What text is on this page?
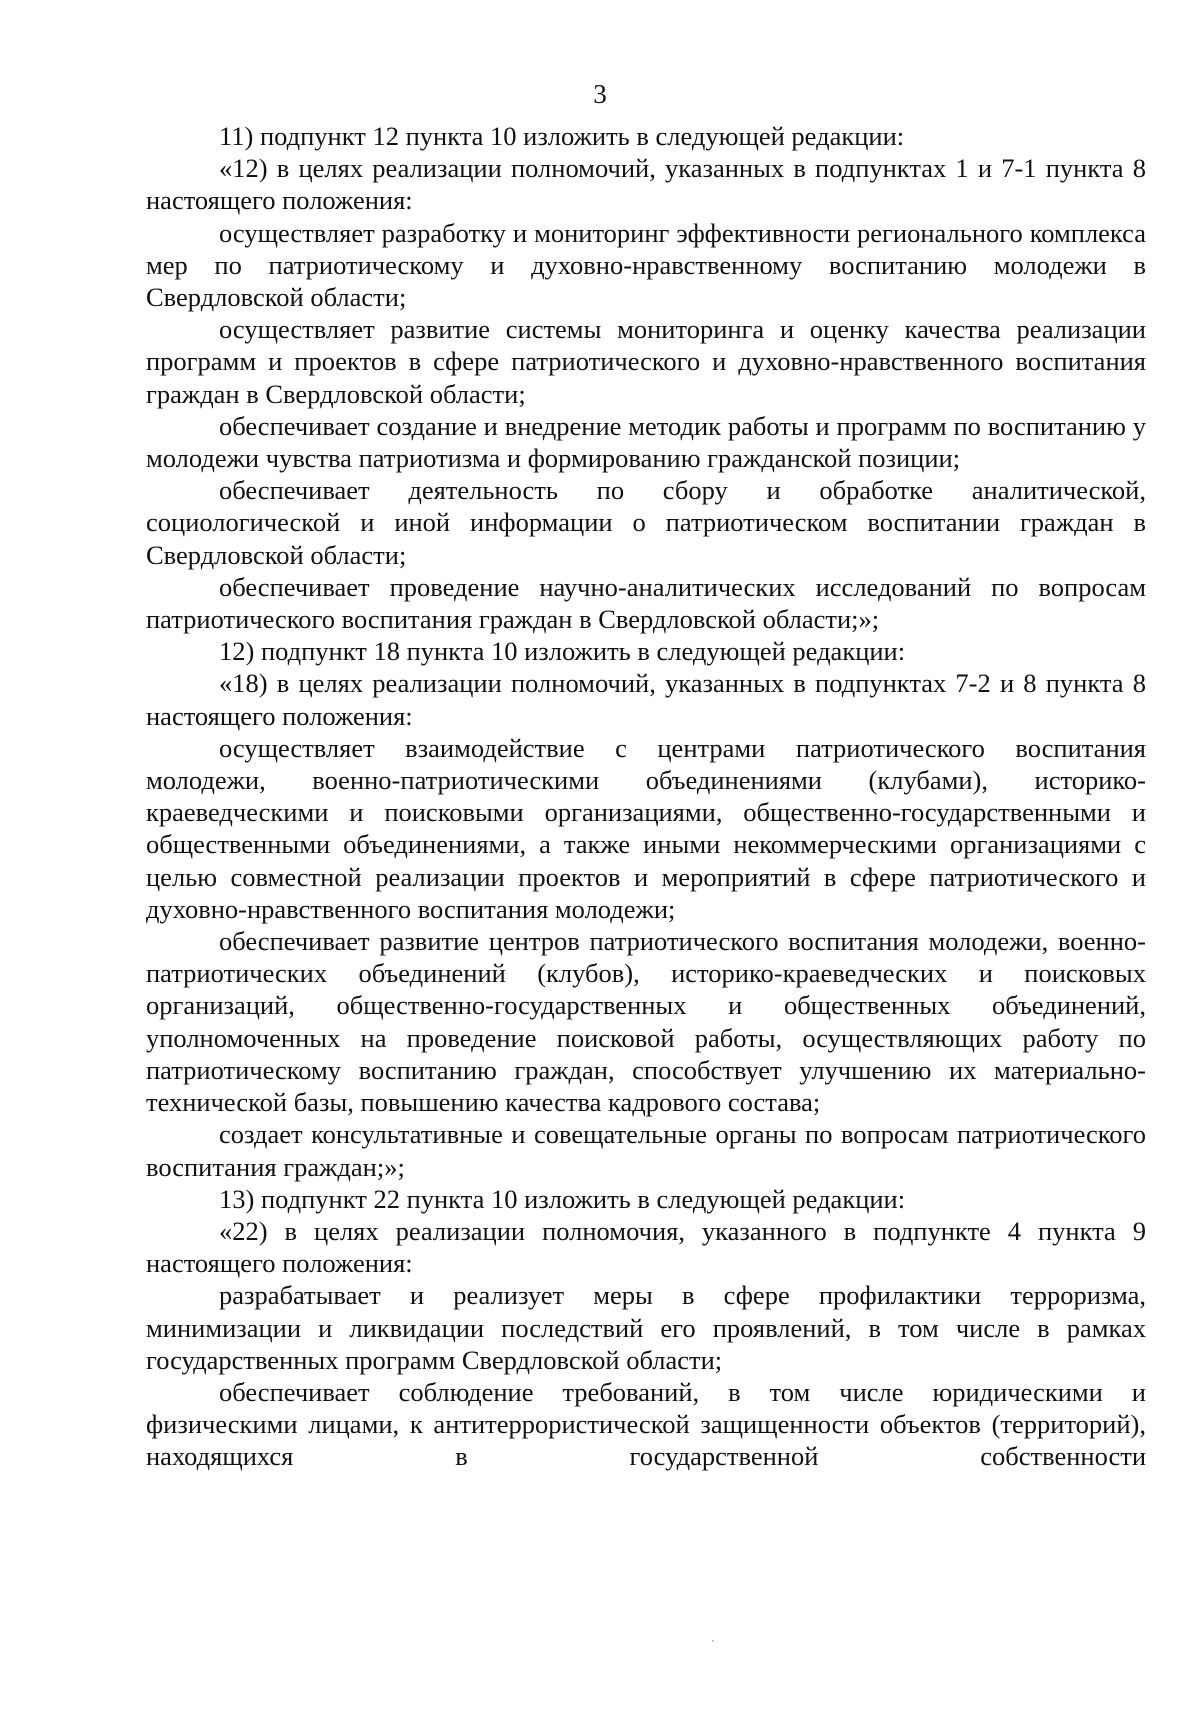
3

11) подпункт 12 пункта 10 изложить в следующей редакции:

«12) в целях реализации полномочий, указанных в подпунктах 1 и 7-1 пункта 8 настоящего положения:

осуществляет разработку и мониторинг эффективности регионального комплекса мер по патриотическому и духовно-нравственному воспитанию молодежи в Свердловской области;

осуществляет развитие системы мониторинга и оценку качества реализации программ и проектов в сфере патриотического и духовно-нравственного воспитания граждан в Свердловской области;

обеспечивает создание и внедрение методик работы и программ по воспитанию у молодежи чувства патриотизма и формированию гражданской позиции;

обеспечивает деятельность по сбору и обработке аналитической, социологической и иной информации о патриотическом воспитании граждан в Свердловской области;

обеспечивает проведение научно-аналитических исследований по вопросам патриотического воспитания граждан в Свердловской области;»;

12) подпункт 18 пункта 10 изложить в следующей редакции:

«18) в целях реализации полномочий, указанных в подпунктах 7-2 и 8 пункта 8 настоящего положения:

осуществляет взаимодействие с центрами патриотического воспитания молодежи, военно-патриотическими объединениями (клубами), историко-краеведческими и поисковыми организациями, общественно-государственными и общественными объединениями, а также иными некоммерческими организациями с целью совместной реализации проектов и мероприятий в сфере патриотического и духовно-нравственного воспитания молодежи;

обеспечивает развитие центров патриотического воспитания молодежи, военно-патриотических объединений (клубов), историко-краеведческих и поисковых организаций, общественно-государственных и общественных объединений, уполномоченных на проведение поисковой работы, осуществляющих работу по патриотическому воспитанию граждан, способствует улучшению их материально-технической базы, повышению качества кадрового состава;

создает консультативные и совещательные органы по вопросам патриотического воспитания граждан;»;

13) подпункт 22 пункта 10 изложить в следующей редакции:

«22) в целях реализации полномочия, указанного в подпункте 4 пункта 9 настоящего положения:

разрабатывает и реализует меры в сфере профилактики терроризма, минимизации и ликвидации последствий его проявлений, в том числе в рамках государственных программ Свердловской области;

обеспечивает соблюдение требований, в том числе юридическими и физическими лицами, к антитеррористической защищенности объектов (территорий), находящихся в государственной собственности
